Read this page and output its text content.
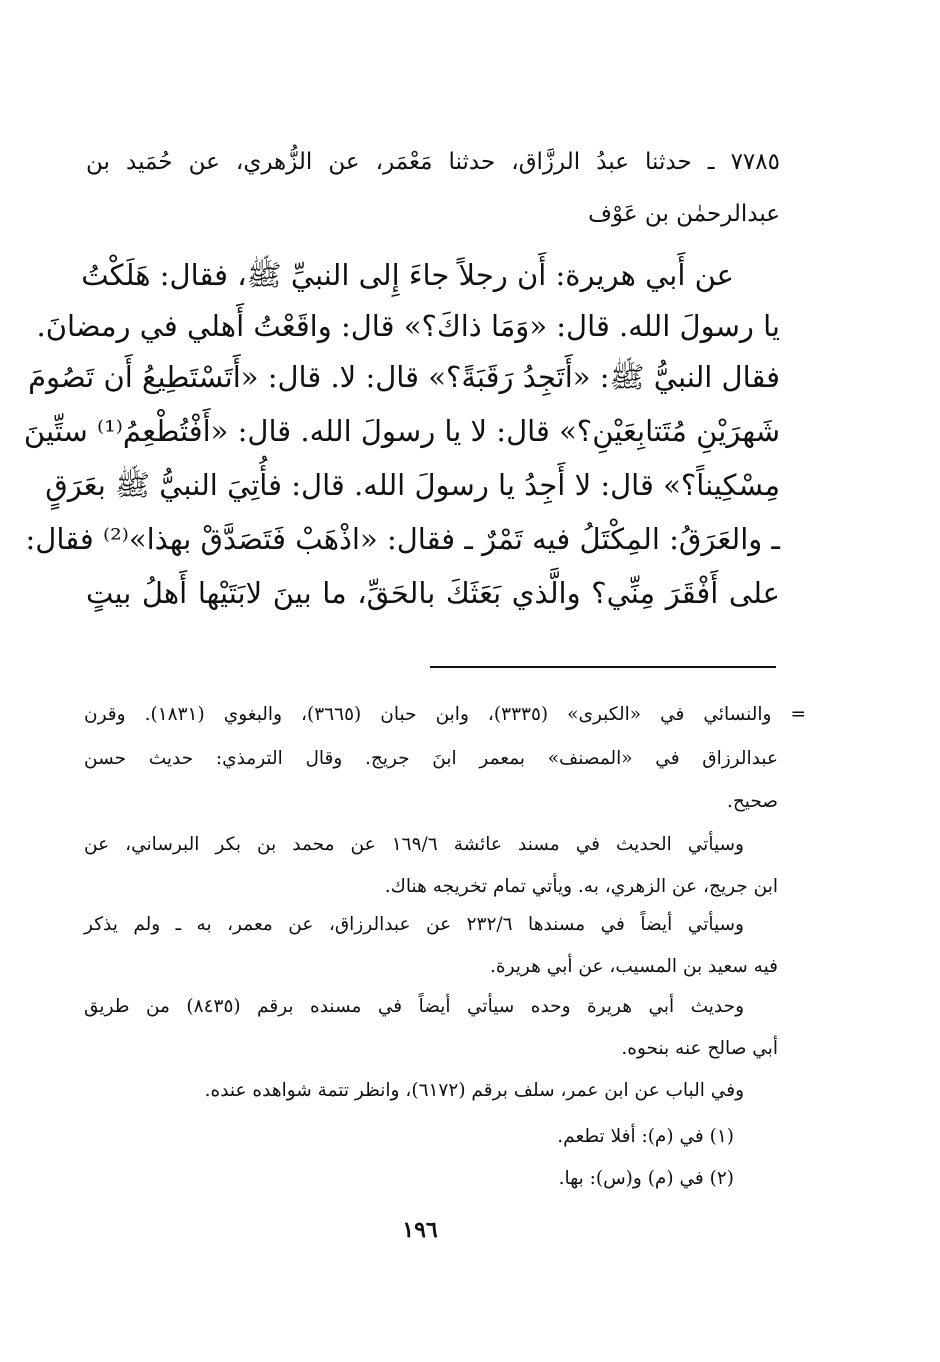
٧٧٨٥ ـ حدثنا عبدُ الرزَّاق، حدثنا مَعْمَر، عن الزُّهري، عن حُمَيد بن

عبدالرحمٰن بن عَوْف

عن أَبي هريرة: أَن رجلاً جاءَ إِلى النبيِّ ﷺ، فقال: هَلَكْتُ

يا رسولَ الله. قال: «وَمَا ذاكَ؟» قال: واقَعْتُ أَهلي في رمضانَ.

فقال النبيُّ ﷺ: «أَتَجِدُ رَقَبَةً؟» قال: لا. قال: «أَتَسْتَطِيعُ أَن تَصُومَ

شَهرَيْنِ مُتَتابِعَيْنِ؟» قال: لا يا رسولَ الله. قال: «أَفْتُطْعِمُ⁽¹⁾ ستِّينَ

مِسْكِيناً؟» قال: لا أَجِدُ يا رسولَ الله. قال: فأُتِيَ النبيُّ ﷺ بعَرَقٍ

ـ والعَرَقُ: المِكْتَلُ فيه تَمْرٌ ـ فقال: «اذْهَبْ فَتَصَدَّقْ بهذا»⁽²⁾ فقال:

على أَفْقَرَ مِنِّي؟ والَّذي بَعَثَكَ بالحَقِّ، ما بينَ لابَتَيْها أَهلُ بيتٍ

= والنسائي في «الكبرى» (٣٣٣٥)، وابن حبان (٣٦٦٥)، والبغوي (١٨٣١). وقرن

عبدالرزاق في «المصنف» بمعمر ابنَ جريج. وقال الترمذي: حديث حسن

صحيح.

وسيأتي الحديث في مسند عائشة ١٦٩/٦ عن محمد بن بكر البرساني، عن

ابن جريج، عن الزهري، به. ويأتي تمام تخريجه هناك.

وسيأتي أيضاً في مسندها ٢٣٢/٦ عن عبدالرزاق، عن معمر، به ـ ولم يذكر

فيه سعيد بن المسيب، عن أبي هريرة.

وحديث أبي هريرة وحده سيأتي أيضاً في مسنده برقم (٨٤٣٥) من طريق

أبي صالح عنه بنحوه.

وفي الباب عن ابن عمر، سلف برقم (٦١٧٢)، وانظر تتمة شواهده عنده.

(١) في (م): أفلا تطعم.

(٢) في (م) و(س): بها.

١٩٦
